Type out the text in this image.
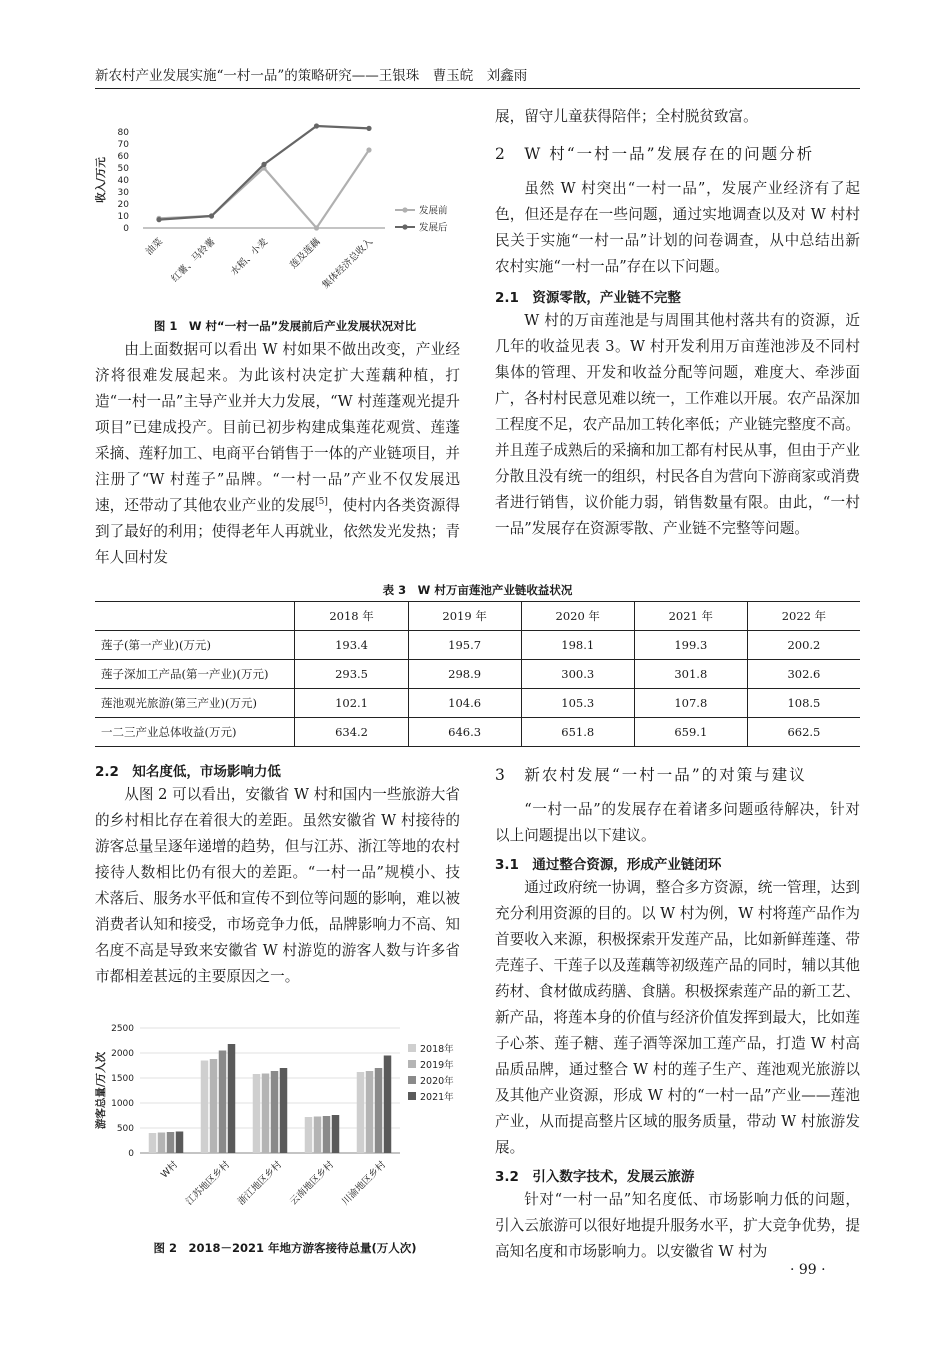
新农村产业发展实施“一村一品”的策略研究——王银珠　曹玉皖　刘鑫雨
0
10
20
30
40
50
60
70
80
收入/万元
油菜 红薯、马铃薯 水稻、小麦 莲及莲藕
集体经济总收入
发展前
发展后
图 1　W 村“一村一品”发展前后产业发展状况对比

由上面数据可以看出 W 村如果不做出改变，产业经济将很难发展起来。为此该村决定扩大莲藕种植，打造“一村一品”主导产业并大力发展，“W 村莲蓬观光提升项目”已建成投产。目前已初步构建成集莲花观赏、莲蓬采摘、莲籽加工、电商平台销售于一体的产业链项目，并注册了“W 村莲子”品牌。“一村一品”产业不仅发展迅速，还带动了其他农业产业的发展[5]，使村内各类资源得到了最好的利用；使得老年人再就业，依然发光发热；青年人回村发

展，留守儿童获得陪伴；全村脱贫致富。

2　W 村“一村一品”发展存在的问题分析

虽然 W 村突出“一村一品”，发展产业经济有了起色，但还是存在一些问题，通过实地调查以及对 W 村村民关于实施“一村一品”计划的问卷调查，从中总结出新农村实施“一村一品”存在以下问题。

2.1　资源零散，产业链不完整

W 村的万亩莲池是与周围其他村落共有的资源，近几年的收益见表 3。W 村开发利用万亩莲池涉及不同村集体的管理、开发和收益分配等问题，难度大、牵涉面广，各村村民意见难以统一，工作难以开展。农产品深加工程度不足，农产品加工转化率低；产业链完整度不高。并且莲子成熟后的采摘和加工都有村民从事，但由于产业分散且没有统一的组织，村民各自为营向下游商家或消费者进行销售，议价能力弱，销售数量有限。由此，“一村一品”发展存在资源零散、产业链不完整等问题。

表 3　W 村万亩莲池产业链收益状况
	2018 年	2019 年	2020 年	2021 年	2022 年
莲子(第一产业)(万元)	193.4	195.7	198.1	199.3	200.2
莲子深加工产品(第一产业)(万元)	293.5	298.9	300.3	301.8	302.6
莲池观光旅游(第三产业)(万元)	102.1	104.6	105.3	107.8	108.5
一二三产业总体收益(万元)	634.2	646.3	651.8	659.1	662.5
2.2　知名度低，市场影响力低

从图 2 可以看出，安徽省 W 村和国内一些旅游大省的乡村相比存在着很大的差距。虽然安徽省 W 村接待的游客总量呈逐年递增的趋势，但与江苏、浙江等地的农村接待人数相比仍有很大的差距。“一村一品”规模小、技术落后、服务水平低和宣传不到位等问题的影响，难以被消费者认知和接受，市场竞争力低，品牌影响力不高、知名度不高是导致来安徽省 W 村游览的游客人数与许多省市都相差甚远的主要原因之一。

0
500
1000
1500
2000
2500
游客总量/万人次
W村 江苏地区乡村 浙江地区乡村 云南地区乡村 川渝地区乡村
2018年
2019年
2020年
2021年
图 2　2018－2021 年地方游客接待总量(万人次)
3　新农村发展“一村一品”的对策与建议

“一村一品”的发展存在着诸多问题亟待解决，针对以上问题提出以下建议。

3.1　通过整合资源，形成产业链闭环

通过政府统一协调，整合多方资源，统一管理，达到充分利用资源的目的。以 W 村为例，W 村将莲产品作为首要收入来源，积极探索开发莲产品，比如新鲜莲蓬、带壳莲子、干莲子以及莲藕等初级莲产品的同时，辅以其他药材、食材做成药膳、食膳。积极探索莲产品的新工艺、新产品，将莲本身的价值与经济价值发挥到最大，比如莲子心茶、莲子糖、莲子酒等深加工莲产品，打造 W 村高品质品牌，通过整合 W 村的莲子生产、莲池观光旅游以及其他产业资源，形成 W 村的“一村一品”产业——莲池产业，从而提高整片区域的服务质量，带动 W 村旅游发展。

3.2　引入数字技术，发展云旅游

针对“一村一品”知名度低、市场影响力低的问题，引入云旅游可以很好地提升服务水平，扩大竞争优势，提高知名度和市场影响力。以安徽省 W 村为

· 99 ·
